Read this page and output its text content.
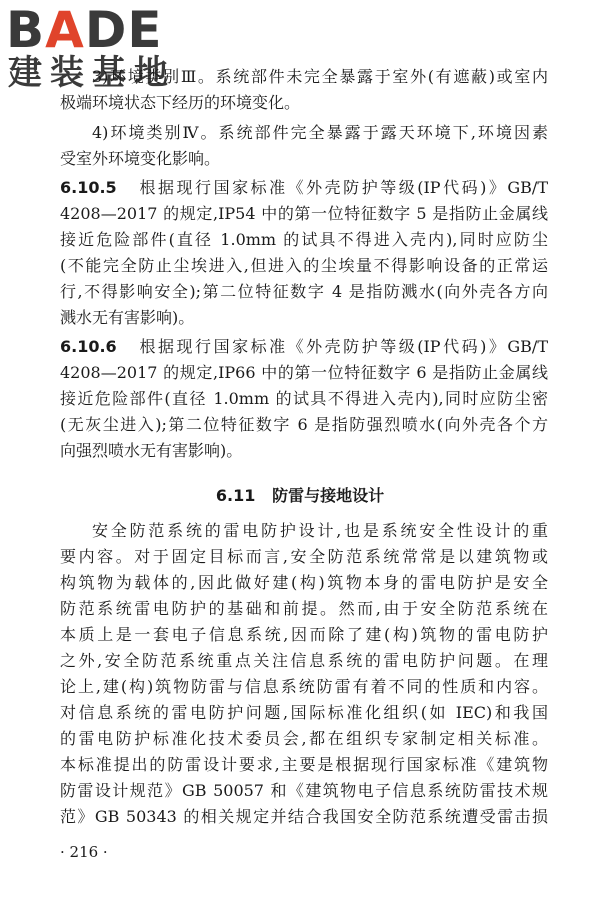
BADE
建装基地
3)环境类别Ⅲ。系统部件未完全暴露于室外(有遮蔽)或室内
极端环境状态下经历的环境变化。
4)环境类别Ⅳ。系统部件完全暴露于露天环境下,环境因素
受室外环境变化影响。
6.10.5 根据现行国家标准《外壳防护等级(IP代码)》GB/T
4208—2017 的规定,IP54 中的第一位特征数字 5 是指防止金属线
接近危险部件(直径 1.0mm 的试具不得进入壳内),同时应防尘
(不能完全防止尘埃进入,但进入的尘埃量不得影响设备的正常运
行,不得影响安全);第二位特征数字 4 是指防溅水(向外壳各方向
溅水无有害影响)。
6.10.6 根据现行国家标准《外壳防护等级(IP代码)》GB/T
4208—2017 的规定,IP66 中的第一位特征数字 6 是指防止金属线
接近危险部件(直径 1.0mm 的试具不得进入壳内),同时应防尘密
(无灰尘进入);第二位特征数字 6 是指防强烈喷水(向外壳各个方
向强烈喷水无有害影响)。
6.11 防雷与接地设计
安全防范系统的雷电防护设计,也是系统安全性设计的重
要内容。对于固定目标而言,安全防范系统常常是以建筑物或
构筑物为载体的,因此做好建(构)筑物本身的雷电防护是安全
防范系统雷电防护的基础和前提。然而,由于安全防范系统在
本质上是一套电子信息系统,因而除了建(构)筑物的雷电防护
之外,安全防范系统重点关注信息系统的雷电防护问题。在理
论上,建(构)筑物防雷与信息系统防雷有着不同的性质和内容。
对信息系统的雷电防护问题,国际标准化组织(如 IEC)和我国
的雷电防护标准化技术委员会,都在组织专家制定相关标准。
本标准提出的防雷设计要求,主要是根据现行国家标准《建筑物
防雷设计规范》GB 50057 和《建筑物电子信息系统防雷技术规
范》GB 50343 的相关规定并结合我国安全防范系统遭受雷击损
· 216 ·
